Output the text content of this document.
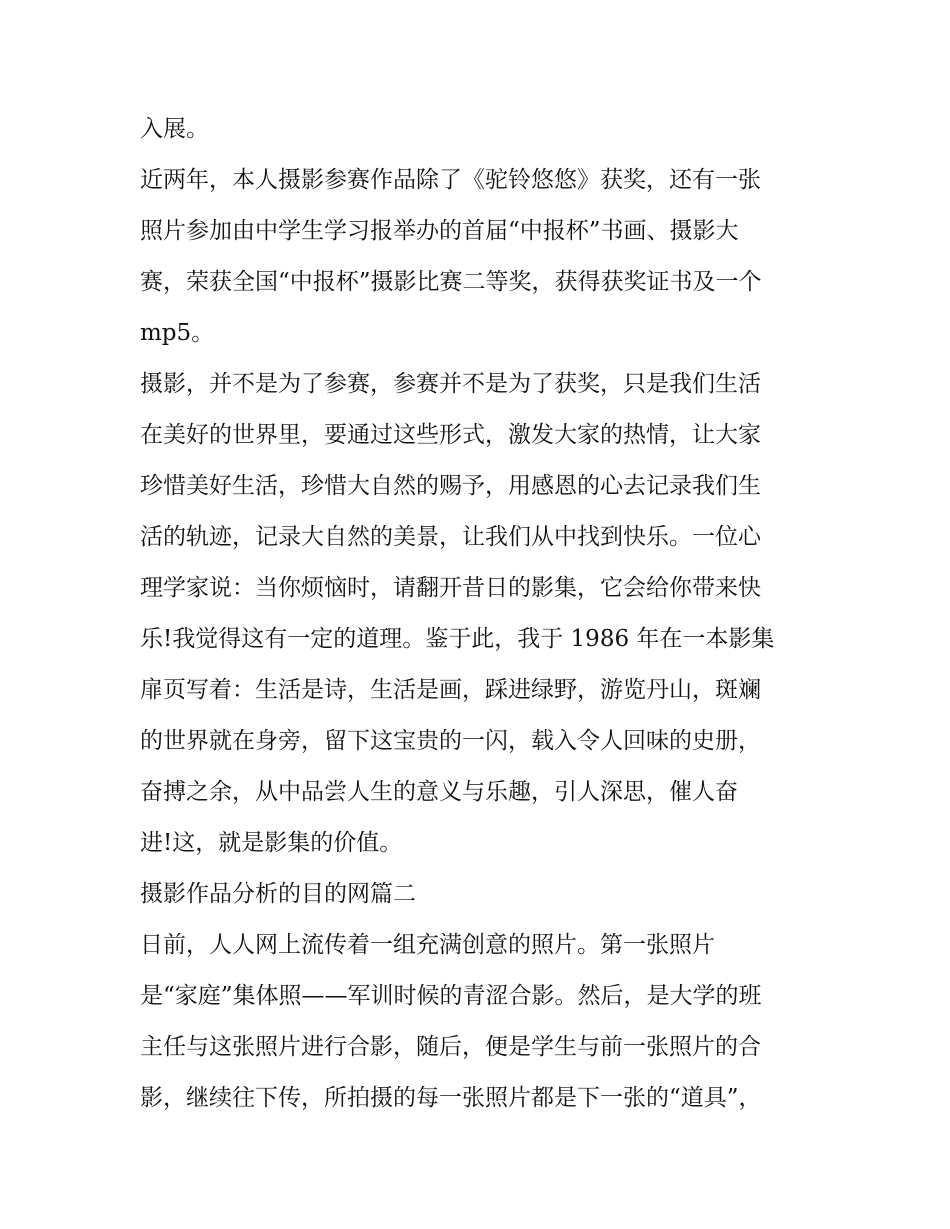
入展。
近两年，本人摄影参赛作品除了《驼铃悠悠》获奖，还有一张
照片参加由中学生学习报举办的首届“中报杯”书画、摄影大
赛，荣获全国“中报杯”摄影比赛二等奖，获得获奖证书及一个
mp5。
摄影，并不是为了参赛，参赛并不是为了获奖，只是我们生活
在美好的世界里，要通过这些形式，激发大家的热情，让大家
珍惜美好生活，珍惜大自然的赐予，用感恩的心去记录我们生
活的轨迹，记录大自然的美景，让我们从中找到快乐。一位心
理学家说：当你烦恼时，请翻开昔日的影集，它会给你带来快
乐!我觉得这有一定的道理。鉴于此，我于 1986 年在一本影集
扉页写着：生活是诗，生活是画，踩进绿野，游览丹山，斑斓
的世界就在身旁，留下这宝贵的一闪，载入令人回味的史册，
奋搏之余，从中品尝人生的意义与乐趣，引人深思，催人奋
进!这，就是影集的价值。
摄影作品分析的目的网篇二
日前，人人网上流传着一组充满创意的照片。第一张照片
是“家庭”集体照——军训时候的青涩合影。然后，是大学的班
主任与这张照片进行合影，随后，便是学生与前一张照片的合
影，继续往下传，所拍摄的每一张照片都是下一张的“道具”，
